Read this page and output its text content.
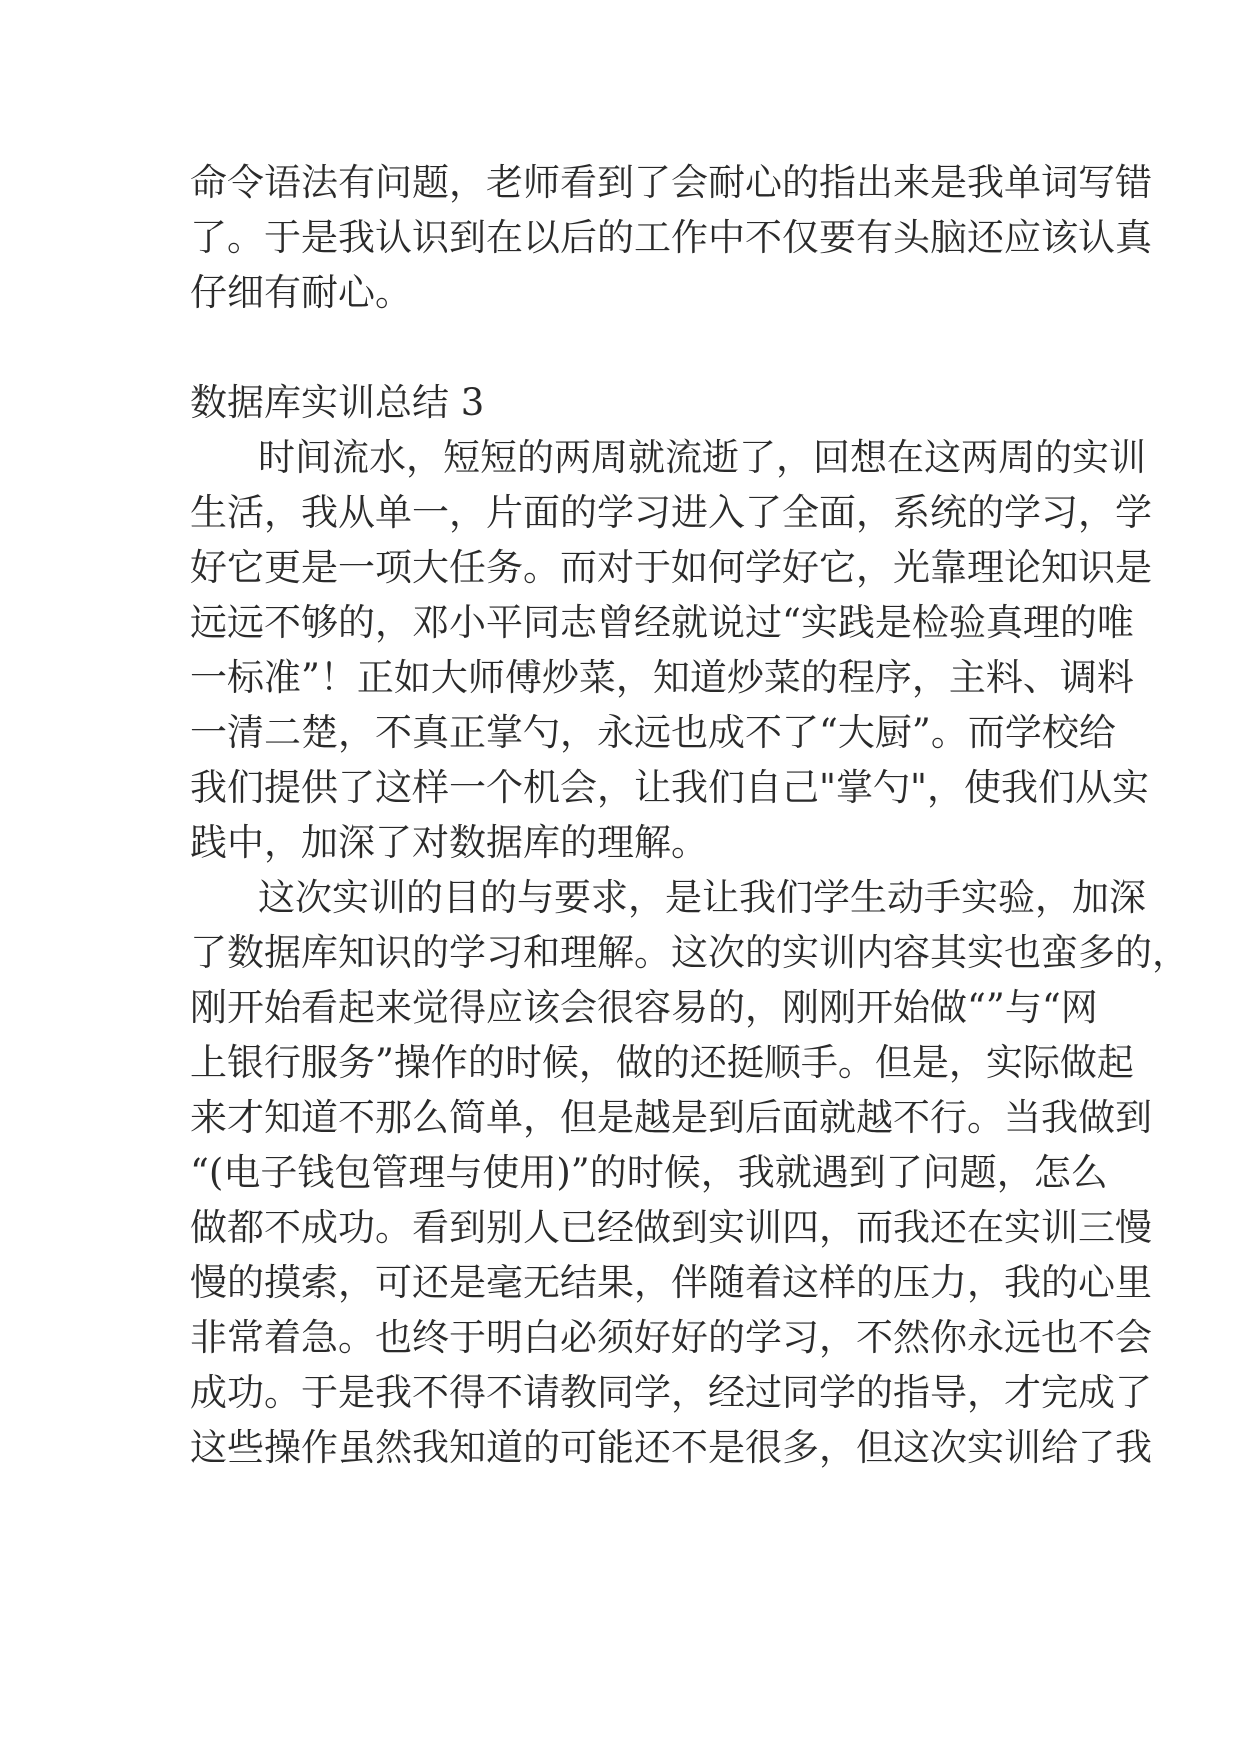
命令语法有问题，老师看到了会耐心的指出来是我单词写错
了。于是我认识到在以后的工作中不仅要有头脑还应该认真
仔细有耐心。
数据库实训总结 3
时间流水，短短的两周就流逝了，回想在这两周的实训
生活，我从单一，片面的学习进入了全面，系统的学习，学
好它更是一项大任务。而对于如何学好它，光靠理论知识是
远远不够的，邓小平同志曾经就说过“实践是检验真理的唯
一标准”！正如大师傅炒菜，知道炒菜的程序，主料、调料
一清二楚，不真正掌勺，永远也成不了“大厨”。而学校给
我们提供了这样一个机会，让我们自己"掌勺"，使我们从实
践中，加深了对数据库的理解。
这次实训的目的与要求，是让我们学生动手实验，加深
了数据库知识的学习和理解。这次的实训内容其实也蛮多的，
刚开始看起来觉得应该会很容易的，刚刚开始做“”与“网
上银行服务”操作的时候，做的还挺顺手。但是，实际做起
来才知道不那么简单，但是越是到后面就越不行。当我做到
“(电子钱包管理与使用)”的时候，我就遇到了问题，怎么
做都不成功。看到别人已经做到实训四，而我还在实训三慢
慢的摸索，可还是毫无结果，伴随着这样的压力，我的心里
非常着急。也终于明白必须好好的学习，不然你永远也不会
成功。于是我不得不请教同学，经过同学的指导，才完成了
这些操作虽然我知道的可能还不是很多，但这次实训给了我
